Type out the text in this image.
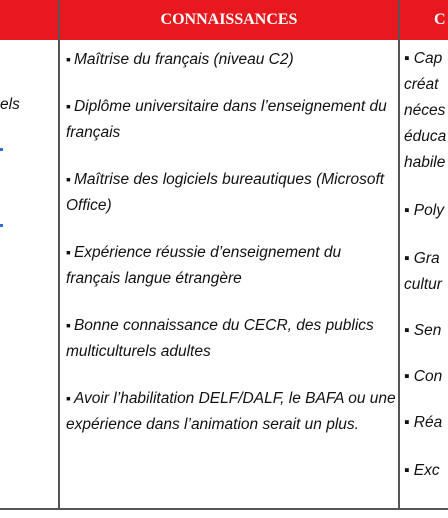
CONNAISSANCES	C
els
▪ Maîtrise du français (niveau C2)
▪ Diplôme universitaire dans l’enseignement du français
▪ Maîtrise des logiciels bureautiques (Microsoft Office)
▪ Expérience réussie d’enseignement du français langue étrangère
▪ Bonne connaissance du CECR, des publics multiculturels adultes
▪ Avoir l’habilitation DELF/DALF, le BAFA ou une expérience dans l’animation serait un plus.
▪ Cap
créat
néces
éduca
habile
▪ Poly
▪ Gra
cultur
▪ Sen
▪ Con
▪ Réa
▪ Exc
